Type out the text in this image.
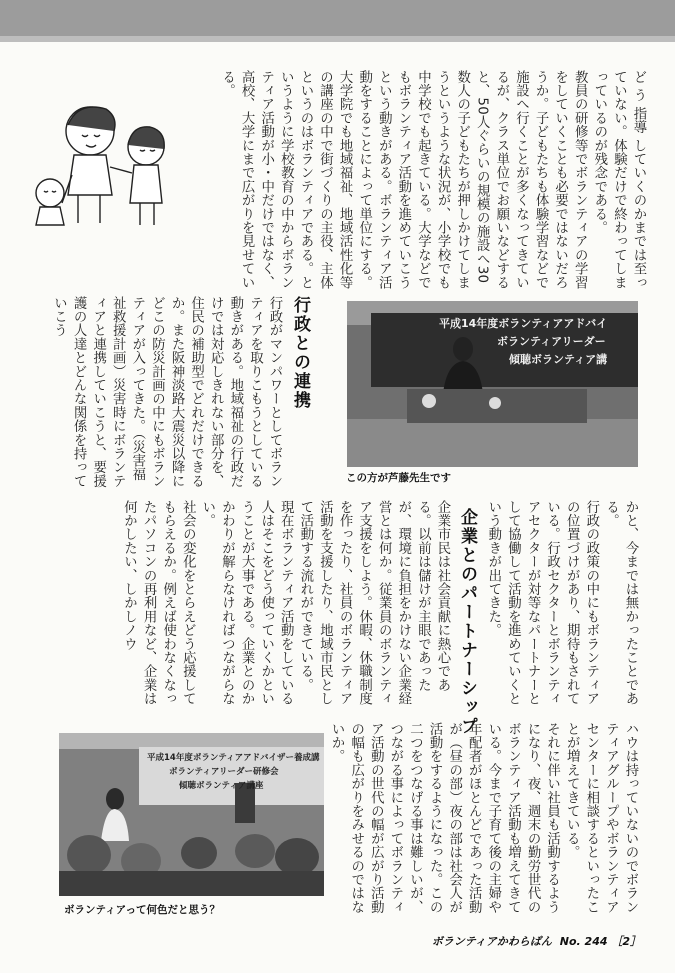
ど う 指導 していくのかまでは至っていない。体験だけで終わってしまっているのが残念である。
教員の研修等でボランティアの学習をしていくことも必要ではないだろうか。子どもたちも体験学習などで施設へ行くことが多くなってきているが、クラス単位でお願いなどすると、50人ぐらいの規模の施設へ30数人の子どもたちが押しかけてしまうというような状況が、小学校でも中学校でも起きている。大学などでもボランティア活動を進めていこうという動きがある。ボランティア活動をすることによって単位にする。大学院でも地域福祉、地域活性化等の講座の中で街づくりの主役、主体というのはボランティアである。というように学校教育の中からボランティア活動が小・中だけではなく、高校、大学にまで広がりを見せている。
行政との連携
行政がマンパワーとしてボランティアを取りこもうとしている動きがある。地域福祉の行政だけでは対応しきれない部分を、住民の補助型でどれだけできるか。また阪神淡路大震災以降にどこの防災計画の中にもボランティアが入ってきた。（災害福祉救援計画）災害時にボランティアと連携していこうと、要援護の人達とどんな関係を持っていこう	平成14年度ボランティアアドバイ
ボランティアリーダー
傾聴ボランティア講
この方が芦藤先生です
企業とのパートナーシップ	かと、今までは無かったことである。
行政の政策の中にもボランティアの位置づけがあり、期待もされている。行政セクターとボランティアセクターが対等なパートナーとして協働して活動を進めていくという動きが出てきた。
企業市民は社会貢献に熱心である。以前は儲けが主眼であったが、環境に負担をかけない企業経営とは何か。従業員のボランティア支援をしよう。休暇、休職制度を作ったり、社員のボランティア活動を支援したり、地域市民として活動する流れができている。
現在ボランティア活動をしている人はそこをどう使っていくかということが大事である。企業とのかかわりが解らなければつながらない。
社会の変化をとらえどう応援してもらえるか。例えば使わなくなったパソコンの再利用など、企業は何かしたい、しかしノウ
ハウは持っていないのでボランティアグループやボランティアセンターに相談するといったことが増えてきている。
それに伴い社員も活動するようになり、夜、週末の勤労世代のボランティア活動も増えてきている。今まで子育て後の主婦や年配者がほとんどであった活動が（昼の部）夜の部は社会人が活動をするようになった。この二つをつなげる事は難しいが、つながる事によってボランティア活動の世代の幅が広がり活動の幅も広がりをみせるのではないか。
平成14年度ボランティアアドバイザー養成講
ボランティアリーダー研修会
傾聴ボランティア講座
ボランティアって何色だと思う？
ボランティアかわらばん No. 244 ［2］
